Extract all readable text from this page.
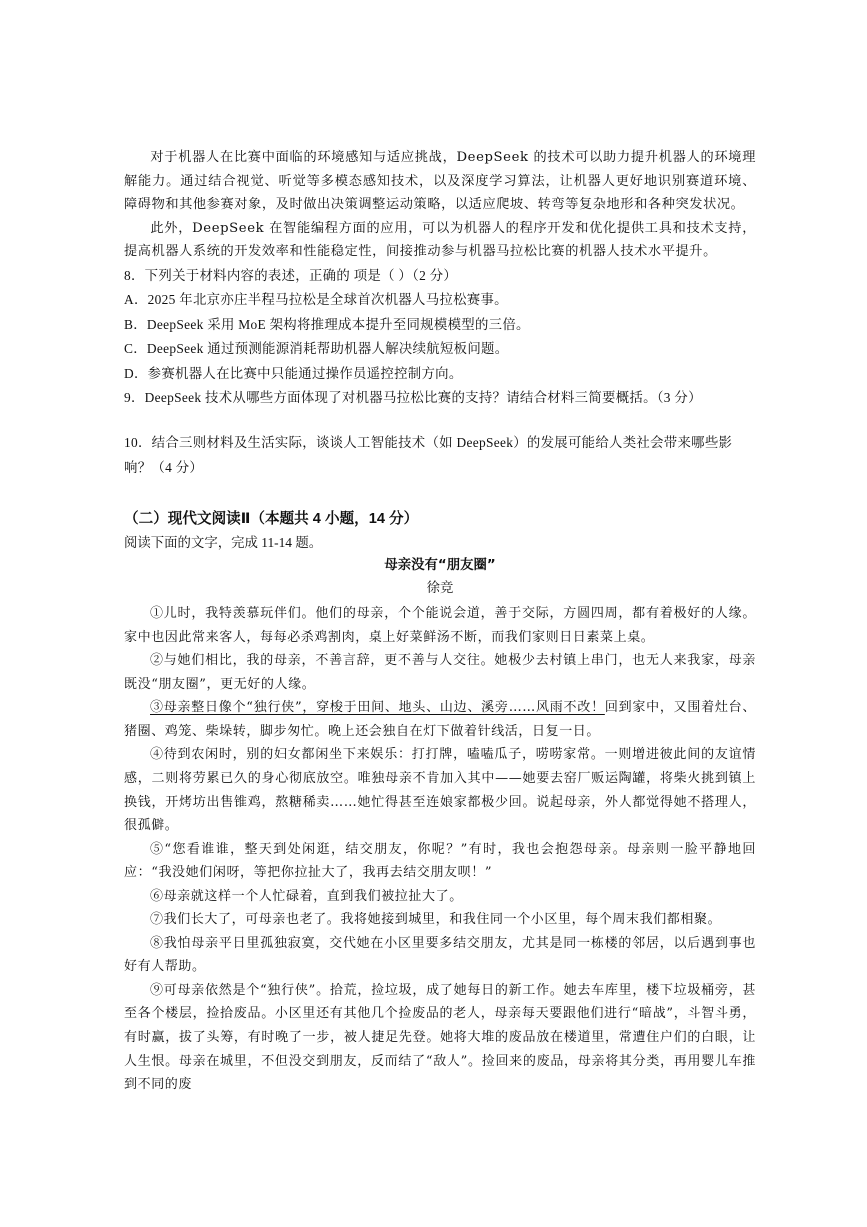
对于机器人在比赛中面临的环境感知与适应挑战，DeepSeek 的技术可以助力提升机器人的环境理解能力。通过结合视觉、听觉等多模态感知技术，以及深度学习算法，让机器人更好地识别赛道环境、障碍物和其他参赛对象，及时做出决策调整运动策略，以适应爬坡、转弯等复杂地形和各种突发状况。

此外，DeepSeek 在智能编程方面的应用，可以为机器人的程序开发和优化提供工具和技术支持，提高机器人系统的开发效率和性能稳定性，间接推动参与机器马拉松比赛的机器人技术水平提升。

8．下列关于材料内容的表述，正确的 项是（ ）（2 分）

A．2025 年北京亦庄半程马拉松是全球首次机器人马拉松赛事。

B．DeepSeek 采用 MoE 架构将推理成本提升至同规模模型的三倍。

C．DeepSeek 通过预测能源消耗帮助机器人解决续航短板问题。

D．参赛机器人在比赛中只能通过操作员遥控控制方向。

9．DeepSeek 技术从哪些方面体现了对机器马拉松比赛的支持？请结合材料三简要概括。（3 分）

10．结合三则材料及生活实际，谈谈人工智能技术（如 DeepSeek）的发展可能给人类社会带来哪些影响？（4 分）

（二）现代文阅读Ⅱ（本题共 4 小题，14 分）

阅读下面的文字，完成 11-14 题。

母亲没有“朋友圈”

徐竞

①儿时，我特羡慕玩伴们。他们的母亲，个个能说会道，善于交际，方圆四周，都有着极好的人缘。家中也因此常来客人，每每必杀鸡割肉，桌上好菜鲜汤不断，而我们家则日日素菜上桌。

②与她们相比，我的母亲，不善言辞，更不善与人交往。她极少去村镇上串门，也无人来我家，母亲既没“朋友圈”，更无好的人缘。

③母亲整日像个“独行侠”，穿梭于田间、地头、山边、溪旁……风雨不改！回到家中，又围着灶台、猪圈、鸡笼、柴垛转，脚步匆忙。晚上还会独自在灯下做着针线活，日复一日。

④待到农闲时，别的妇女都闲坐下来娱乐：打打牌，嗑嗑瓜子，唠唠家常。一则增进彼此间的友谊情感，二则将劳累已久的身心彻底放空。唯独母亲不肯加入其中——她要去窑厂贩运陶罐，将柴火挑到镇上换钱，开烤坊出售锥鸡，熬糖稀卖……她忙得甚至连娘家都极少回。说起母亲，外人都觉得她不搭理人，很孤僻。

⑤“您看谁谁，整天到处闲逛，结交朋友，你呢？”有时，我也会抱怨母亲。母亲则一脸平静地回应：“我没她们闲呀，等把你拉扯大了，我再去结交朋友呗！”

⑥母亲就这样一个人忙碌着，直到我们被拉扯大了。

⑦我们长大了，可母亲也老了。我将她接到城里，和我住同一个小区里，每个周末我们都相聚。

⑧我怕母亲平日里孤独寂寞，交代她在小区里要多结交朋友，尤其是同一栋楼的邻居，以后遇到事也好有人帮助。

⑨可母亲依然是个“独行侠”。拾荒，捡垃圾，成了她每日的新工作。她去车库里，楼下垃圾桶旁，甚至各个楼层，捡拾废品。小区里还有其他几个捡废品的老人，母亲每天要跟他们进行“暗战”，斗智斗勇，有时赢，拔了头筹，有时晚了一步，被人捷足先登。她将大堆的废品放在楼道里，常遭住户们的白眼，让人生恨。母亲在城里，不但没交到朋友，反而结了“敌人”。捡回来的废品，母亲将其分类，再用婴儿车推到不同的废
